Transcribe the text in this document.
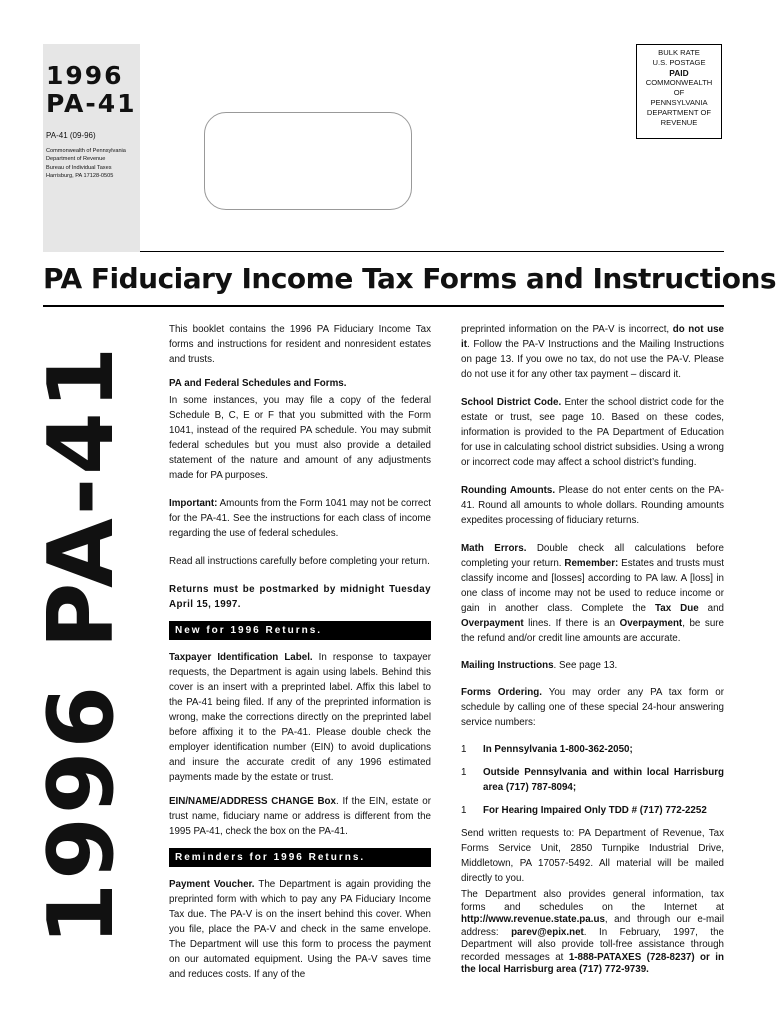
1996
PA-41
PA-41 (09-96)
Commonwealth of Pennsylvania
Department of Revenue
Bureau of Individual Taxes
Harrisburg, PA 17128-0505
BULK RATE
U.S. POSTAGE
PAID
COMMONWEALTH
OF
PENNSYLVANIA
DEPARTMENT OF
REVENUE
PA Fiduciary Income Tax Forms and Instructions
1996 PA-41

This booklet contains the 1996 PA Fiduciary Income Tax forms and instructions for resident and nonresident estates and trusts.

PA and Federal Schedules and Forms.

In some instances, you may file a copy of the federal Schedule B, C, E or F that you submitted with the Form 1041, instead of the required PA schedule. You may submit federal schedules but you must also provide a detailed statement of the nature and amount of any adjustments made for PA purposes.

Important: Amounts from the Form 1041 may not be correct for the PA-41. See the instructions for each class of income regarding the use of federal schedules.

Read all instructions carefully before completing your return.

Returns must be postmarked by midnight Tuesday April 15, 1997.

New for 1996 Returns.

Taxpayer Identification Label. In response to taxpayer requests, the Department is again using labels. Behind this cover is an insert with a preprinted label. Affix this label to the PA-41 being filed. If any of the preprinted information is wrong, make the corrections directly on the preprinted label before affixing it to the PA-41. Please double check the employer identification number (EIN) to avoid duplications and insure the accurate credit of any 1996 estimated payments made by the estate or trust.

EIN/NAME/ADDRESS CHANGE Box. If the EIN, estate or trust name, fiduciary name or address is different from the 1995 PA-41, check the box on the PA-41.

Reminders for 1996 Returns.

Payment Voucher. The Department is again providing the preprinted form with which to pay any PA Fiduciary Income Tax due. The PA-V is on the insert behind this cover. When you file, place the PA-V and check in the same envelope. The Department will use this form to process the payment on our automated equipment. Using the PA-V saves time and reduces costs. If any of the

preprinted information on the PA-V is incorrect, do not use it. Follow the PA-V Instructions and the Mailing Instructions on page 13. If you owe no tax, do not use the PA-V. Please do not use it for any other tax payment – discard it.

School District Code. Enter the school district code for the estate or trust, see page 10. Based on these codes, information is provided to the PA Department of Education for use in calculating school district subsidies. Using a wrong or incorrect code may affect a school district’s funding.

Rounding Amounts. Please do not enter cents on the PA-41. Round all amounts to whole dollars. Rounding amounts expedites processing of fiduciary returns.

Math Errors. Double check all calculations before completing your return. Remember: Estates and trusts must classify income and [losses] according to PA law. A [loss] in one class of income may not be used to reduce income or gain in another class. Complete the Tax Due and Overpayment lines. If there is an Overpayment, be sure the refund and/or credit line amounts are accurate.

Mailing Instructions. See page 13.

Forms Ordering. You may order any PA tax form or schedule by calling one of these special 24-hour answering service numbers:

1	In Pennsylvania 1-800-362-2050;
1	Outside Pennsylvania and within local Harrisburg area (717) 787-8094;
1	For Hearing Impaired Only TDD # (717) 772-2252

Send written requests to: PA Department of Revenue, Tax Forms Service Unit, 2850 Turnpike Industrial Drive, Middletown, PA 17057-5492. All material will be mailed directly to you.

The Department also provides general information, tax forms and schedules on the Internet at http://www.revenue.state.pa.us, and through our e-mail address: parev@epix.net. In February, 1997, the Department will also provide toll-free assistance through recorded messages at 1-888-PATAXES (728-8237) or in the local Harrisburg area (717) 772-9739.
